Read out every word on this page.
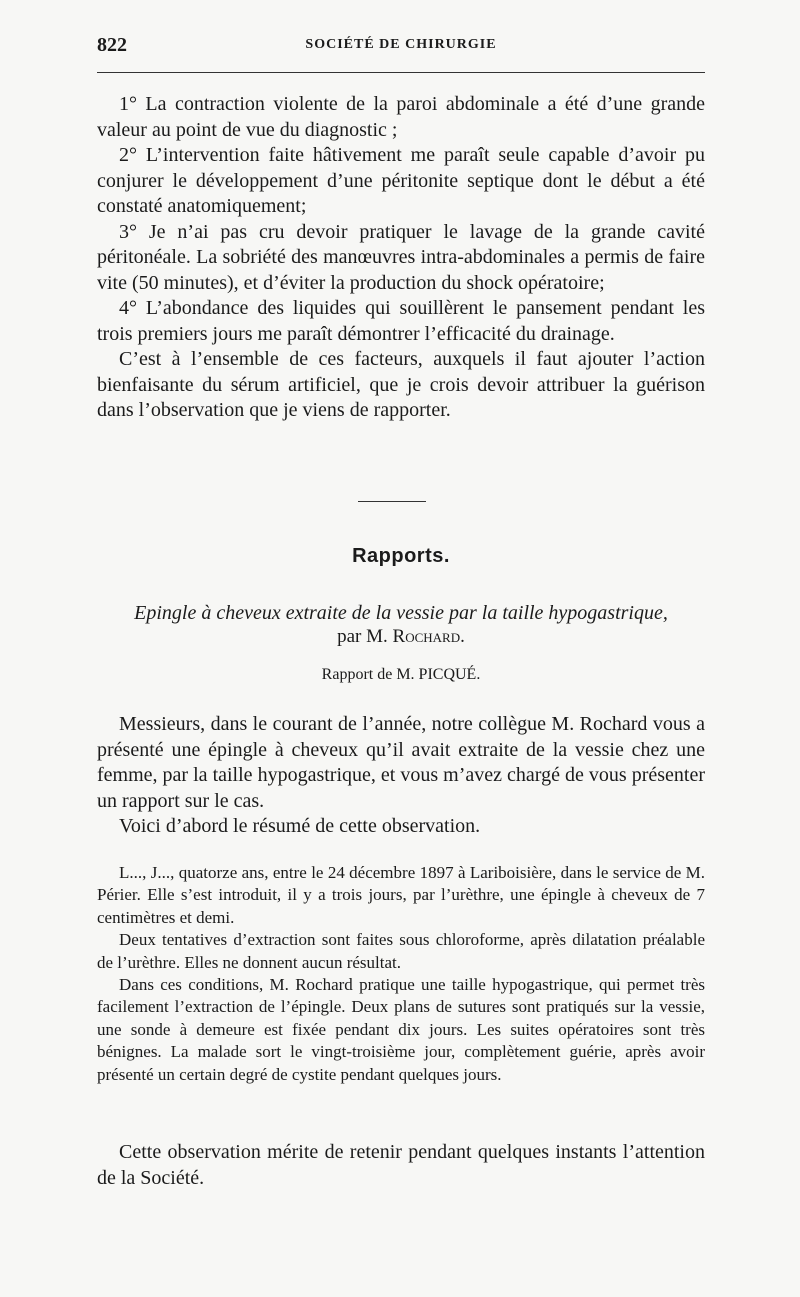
822	SOCIÉTÉ DE CHIRURGIE

1° La contraction violente de la paroi abdominale a été d’une grande valeur au point de vue du diagnostic ;

2° L’intervention faite hâtivement me paraît seule capable d’avoir pu conjurer le développement d’une péritonite septique dont le début a été constaté anatomiquement;

3° Je n’ai pas cru devoir pratiquer le lavage de la grande cavité péritonéale. La sobriété des manœuvres intra-abdominales a permis de faire vite (50 minutes), et d’éviter la production du shock opératoire;

4° L’abondance des liquides qui souillèrent le pansement pendant les trois premiers jours me paraît démontrer l’efficacité du drainage.

C’est à l’ensemble de ces facteurs, auxquels il faut ajouter l’action bienfaisante du sérum artificiel, que je crois devoir attribuer la guérison dans l’observation que je viens de rapporter.

Rapports.
Epingle à cheveux extraite de la vessie par la taille hypogastrique,
par M. Rochard.
Rapport de M. PICQUÉ.

Messieurs, dans le courant de l’année, notre collègue M. Rochard vous a présenté une épingle à cheveux qu’il avait extraite de la vessie chez une femme, par la taille hypogastrique, et vous m’avez chargé de vous présenter un rapport sur le cas.

Voici d’abord le résumé de cette observation.

L..., J..., quatorze ans, entre le 24 décembre 1897 à Lariboisière, dans le service de M. Périer. Elle s’est introduit, il y a trois jours, par l’urèthre, une épingle à cheveux de 7 centimètres et demi.

Deux tentatives d’extraction sont faites sous chloroforme, après dilatation préalable de l’urèthre. Elles ne donnent aucun résultat.

Dans ces conditions, M. Rochard pratique une taille hypogastrique, qui permet très facilement l’extraction de l’épingle. Deux plans de sutures sont pratiqués sur la vessie, une sonde à demeure est fixée pendant dix jours. Les suites opératoires sont très bénignes. La malade sort le vingt-troisième jour, complètement guérie, après avoir présenté un certain degré de cystite pendant quelques jours.

Cette observation mérite de retenir pendant quelques instants l’attention de la Société.
